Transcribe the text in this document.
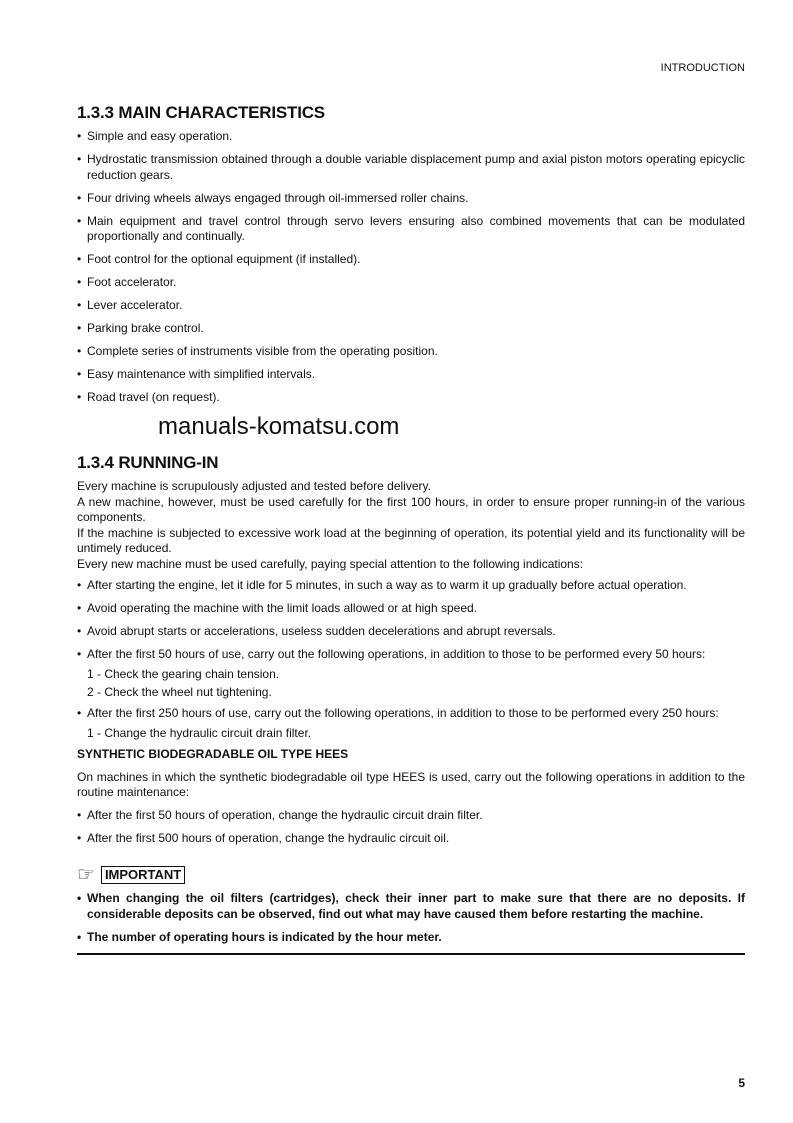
INTRODUCTION
1.3.3 MAIN CHARACTERISTICS
• Simple and easy operation.
• Hydrostatic transmission obtained through a double variable displacement pump and axial piston motors operating epicyclic reduction gears.
• Four driving wheels always engaged through oil-immersed roller chains.
• Main equipment and travel control through servo levers ensuring also combined movements that can be modulated proportionally and continually.
• Foot control for the optional equipment (if installed).
• Foot accelerator.
• Lever accelerator.
• Parking brake control.
• Complete series of instruments visible from the operating position.
• Easy maintenance with simplified intervals.
• Road travel (on request).
manuals-komatsu.com
1.3.4 RUNNING-IN
Every machine is scrupulously adjusted and tested before delivery.
A new machine, however, must be used carefully for the first 100 hours, in order to ensure proper running-in of the various components.
If the machine is subjected to excessive work load at the beginning of operation, its potential yield and its functionality will be untimely reduced.
Every new machine must be used carefully, paying special attention to the following indications:
• After starting the engine, let it idle for 5 minutes, in such a way as to warm it up gradually before actual operation.
• Avoid operating the machine with the limit loads allowed or at high speed.
• Avoid abrupt starts or accelerations, useless sudden decelerations and abrupt reversals.
• After the first 50 hours of use, carry out the following operations, in addition to those to be performed every 50 hours:
1 - Check the gearing chain tension.
2 - Check the wheel nut tightening.
• After the first 250 hours of use, carry out the following operations, in addition to those to be performed every 250 hours:
1 - Change the hydraulic circuit drain filter.
SYNTHETIC BIODEGRADABLE OIL TYPE HEES
On machines in which the synthetic biodegradable oil type HEES is used, carry out the following operations in addition to the routine maintenance:
• After the first 50 hours of operation, change the hydraulic circuit drain filter.
• After the first 500 hours of operation, change the hydraulic circuit oil.
☞ IMPORTANT
• When changing the oil filters (cartridges), check their inner part to make sure that there are no deposits. If considerable deposits can be observed, find out what may have caused them before restarting the machine.
• The number of operating hours is indicated by the hour meter.
5
